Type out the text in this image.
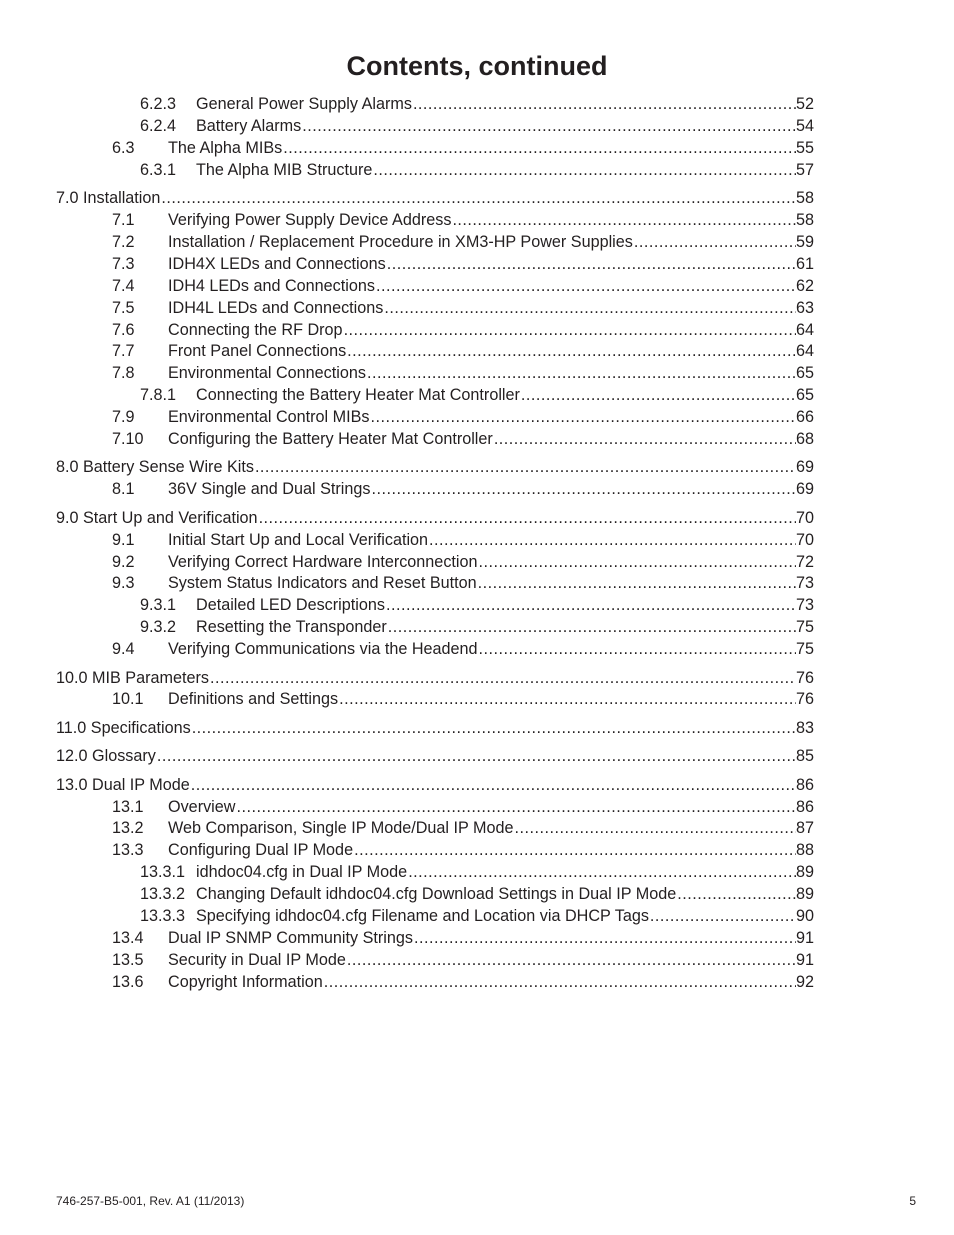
Contents, continued
6.2.3	General Power Supply Alarms .....	52
6.2.4	Battery Alarms .....	54
6.3	The Alpha MIBs .....	55
6.3.1	The Alpha MIB Structure .....	57
7.0 Installation .....	58
7.1	Verifying Power Supply Device Address .....	58
7.2	Installation / Replacement Procedure in XM3-HP Power Supplies .....	59
7.3	IDH4X LEDs and Connections .....	61
7.4	IDH4 LEDs and Connections .....	62
7.5	IDH4L LEDs and Connections .....	63
7.6	Connecting the RF Drop .....	64
7.7	Front Panel Connections .....	64
7.8	Environmental Connections .....	65
7.8.1	Connecting the Battery Heater Mat Controller .....	65
7.9	Environmental Control MIBs .....	66
7.10	Configuring the Battery Heater Mat Controller .....	68
8.0 Battery Sense Wire Kits .....	69
8.1	36V Single and Dual Strings .....	69
9.0 Start Up and Verification .....	70
9.1	Initial Start Up and Local Verification .....	70
9.2	Verifying Correct Hardware Interconnection .....	72
9.3	System Status Indicators and Reset Button .....	73
9.3.1	Detailed LED Descriptions .....	73
9.3.2	Resetting the Transponder .....	75
9.4	Verifying Communications via the Headend .....	75
10.0 MIB Parameters .....	76
10.1	Definitions and Settings .....	76
11.0 Specifications .....	83
12.0 Glossary .....	85
13.0 Dual IP Mode .....	86
13.1	Overview .....	86
13.2	Web Comparison, Single IP Mode/Dual IP Mode .....	87
13.3	Configuring Dual IP Mode .....	88
13.3.1 idhdoc04.cfg in Dual IP Mode .....	89
13.3.2 Changing Default idhdoc04.cfg Download Settings in Dual IP Mode .....	89
13.3.3 Specifying idhdoc04.cfg Filename and Location via DHCP Tags .....	90
13.4	Dual IP SNMP Community Strings .....	91
13.5	Security in Dual IP Mode .....	91
13.6	Copyright Information .....	92
746-257-B5-001, Rev. A1 (11/2013)	5
